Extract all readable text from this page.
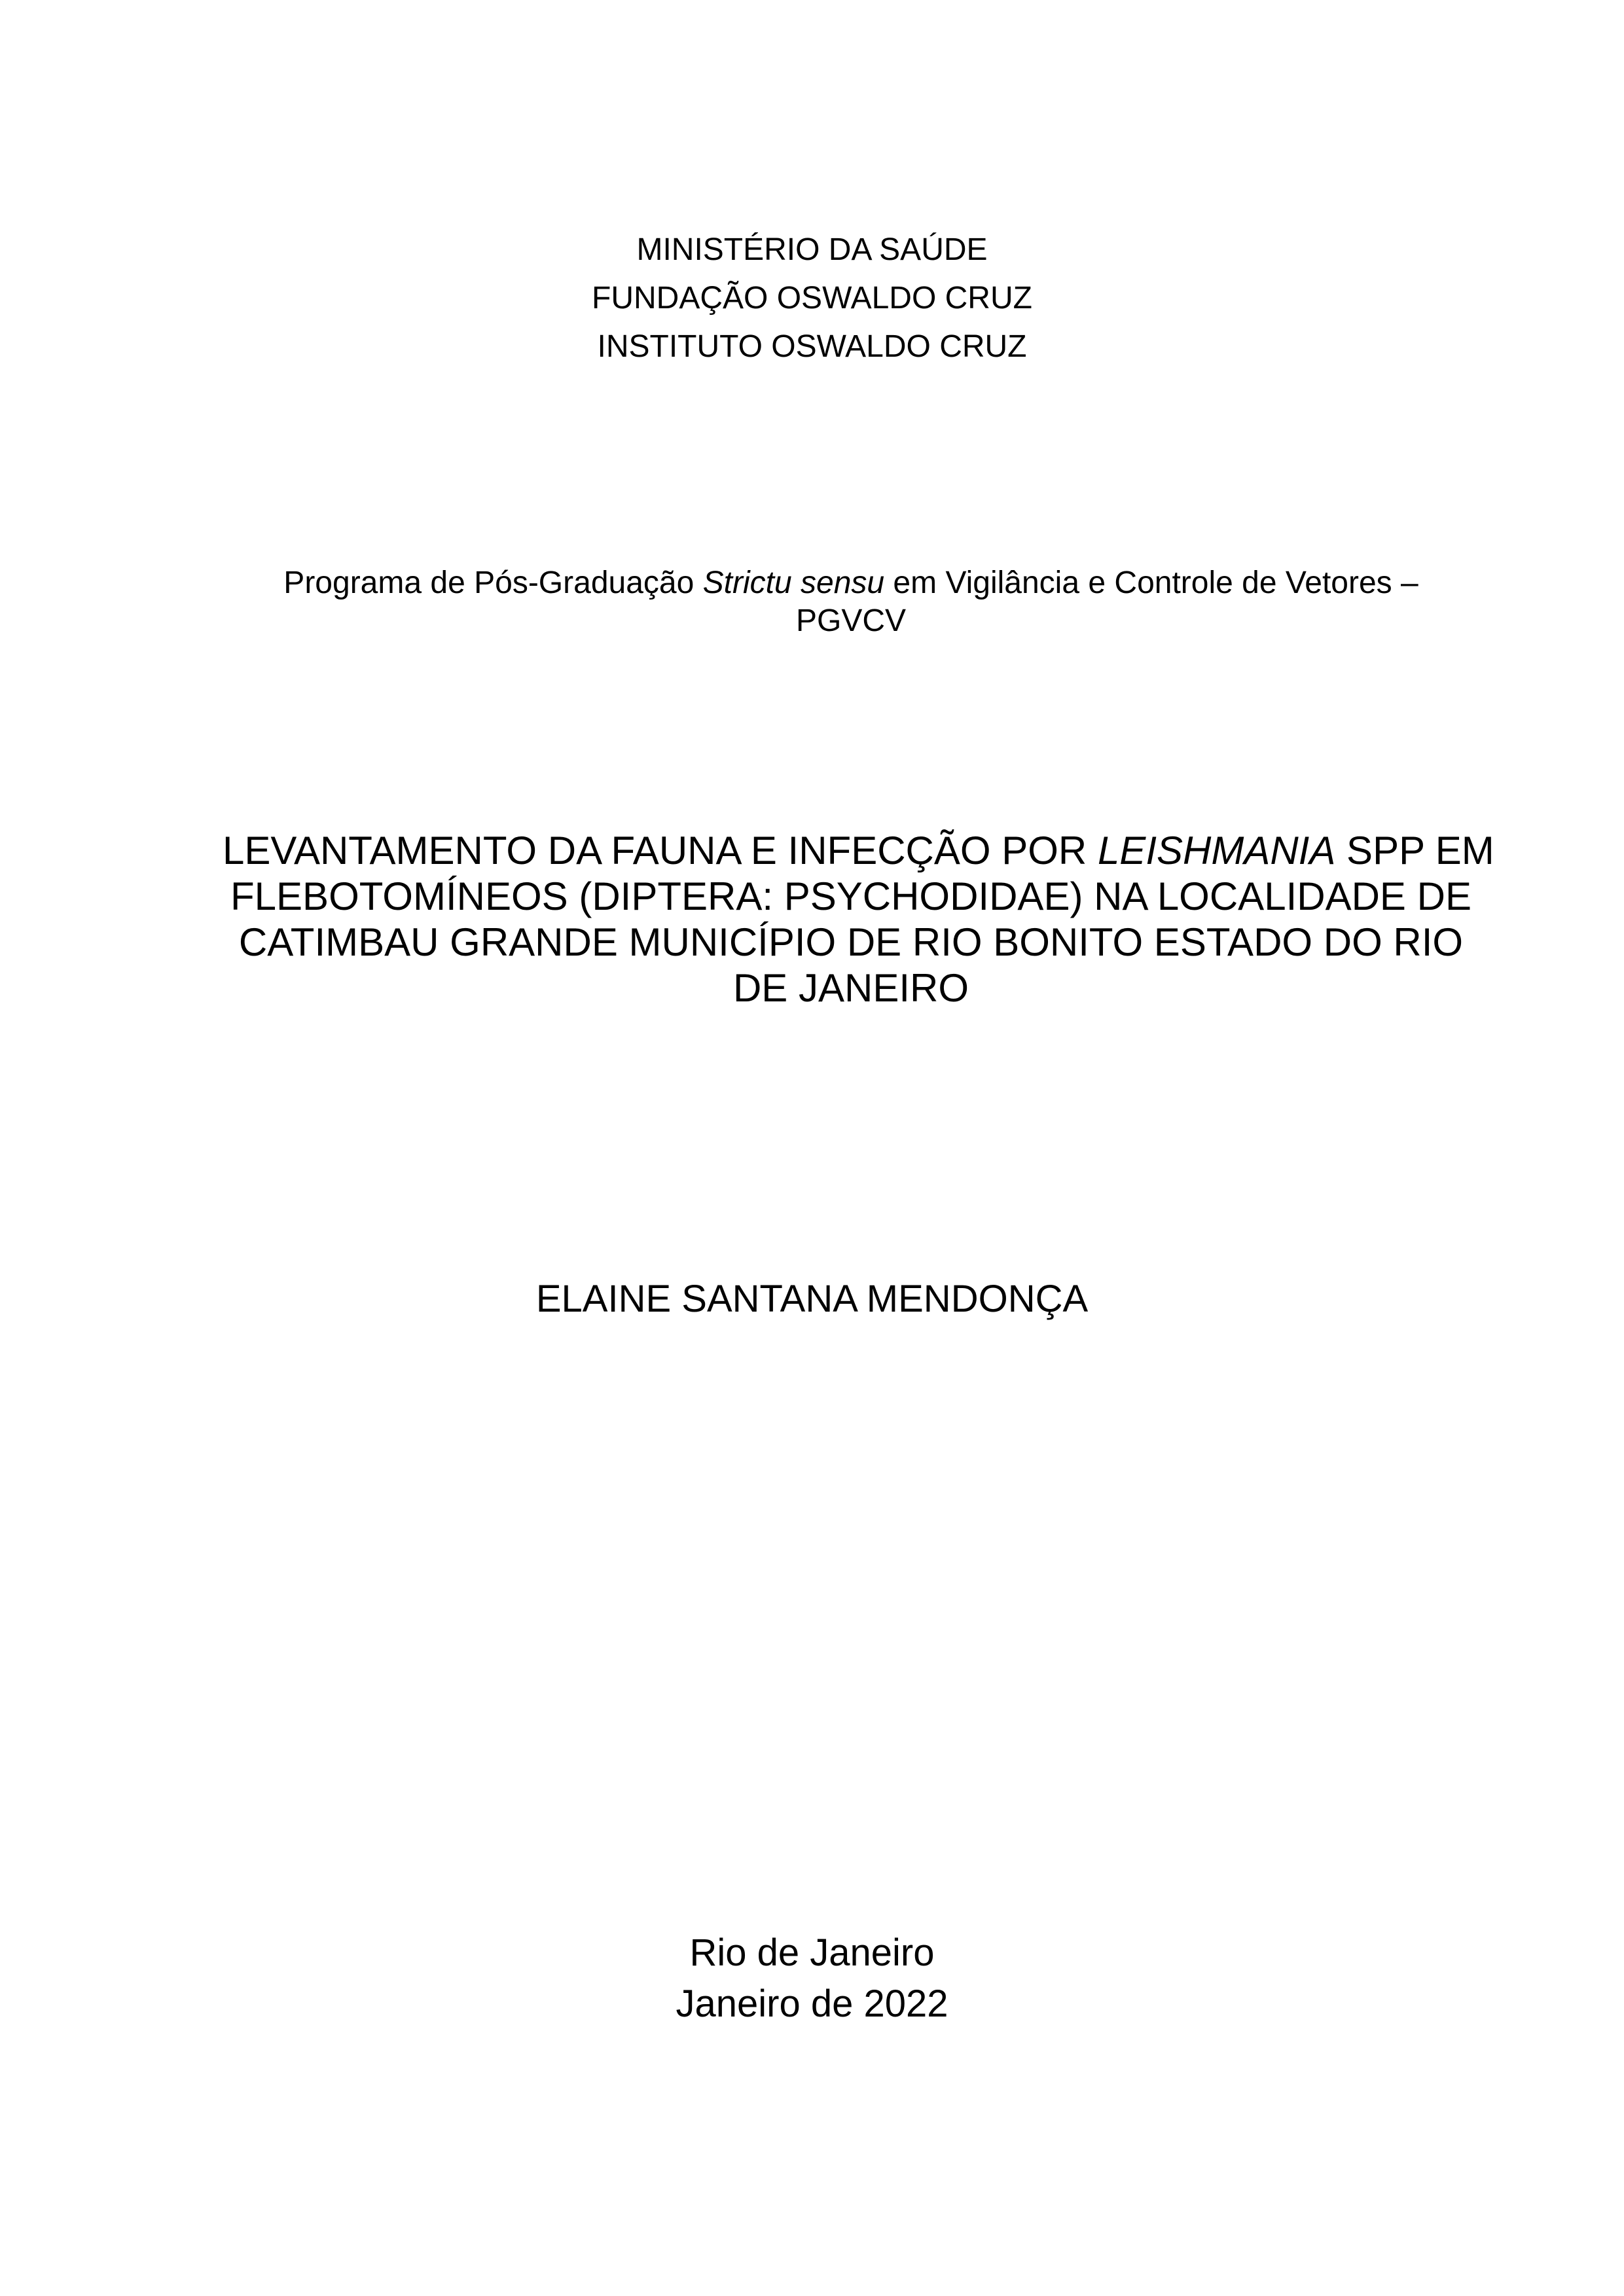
MINISTÉRIO DA SAÚDE
FUNDAÇÃO OSWALDO CRUZ
INSTITUTO OSWALDO CRUZ
Programa de Pós-Graduação Strictu sensu em Vigilância e Controle de Vetores –
PGVCV
LEVANTAMENTO DA FAUNA E INFECÇÃO POR LEISHMANIA SPP EM
FLEBOTOMÍNEOS (DIPTERA: PSYCHODIDAE) NA LOCALIDADE DE
CATIMBAU GRANDE MUNICÍPIO DE RIO BONITO ESTADO DO RIO
DE JANEIRO
ELAINE SANTANA MENDONÇA
Rio de Janeiro
Janeiro de 2022
